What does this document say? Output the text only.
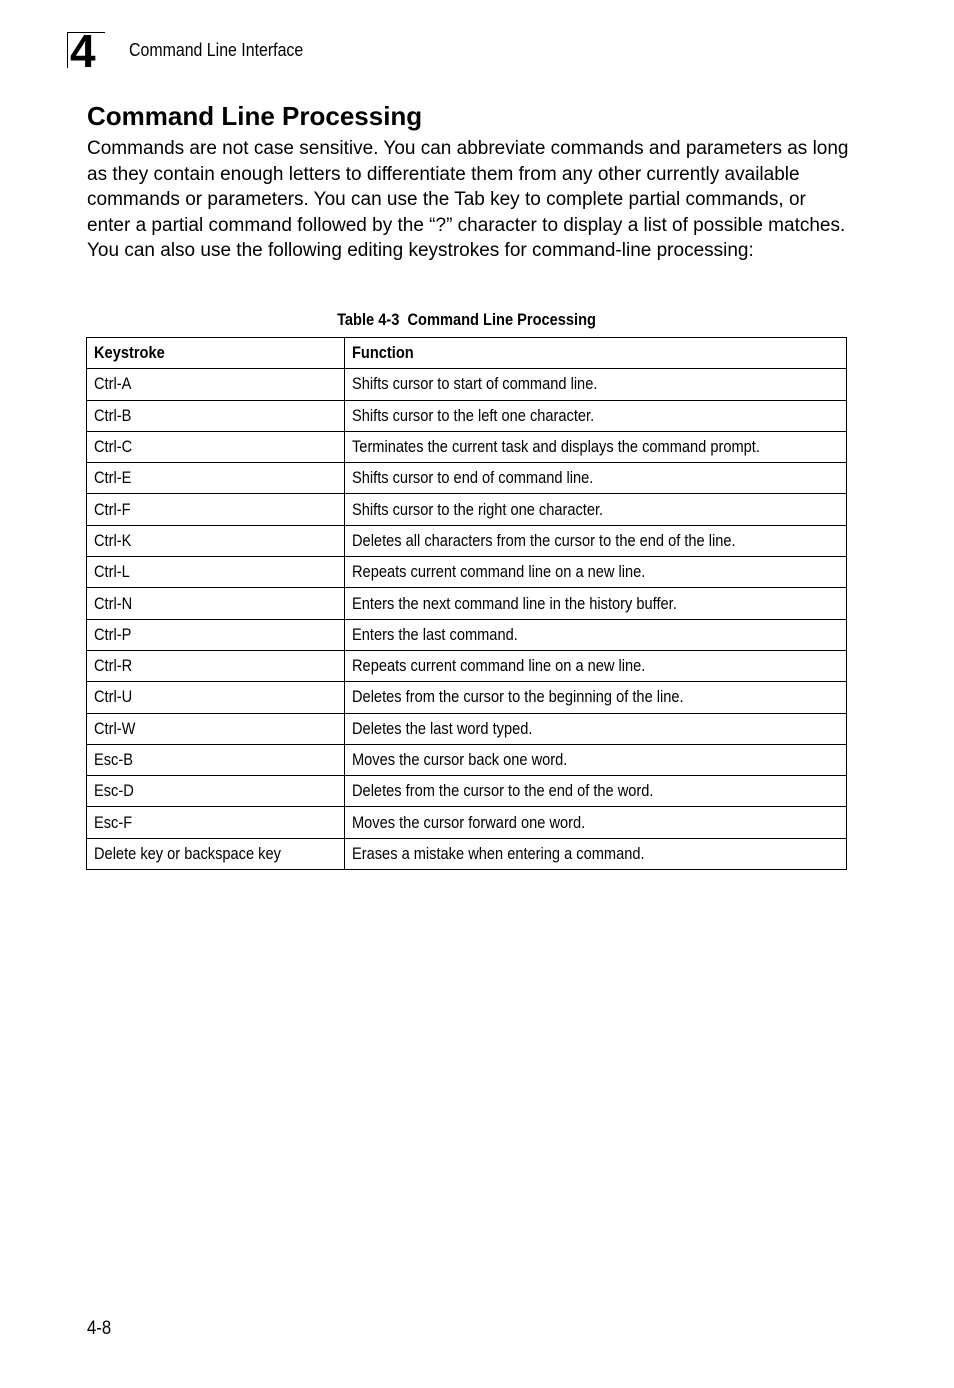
4 Command Line Interface
Command Line Processing

Commands are not case sensitive. You can abbreviate commands and parameters as long as they contain enough letters to differentiate them from any other currently available commands or parameters. You can use the Tab key to complete partial commands, or enter a partial command followed by the “?” character to display a list of possible matches. You can also use the following editing keystrokes for command-line processing:

Table 4-3  Command Line Processing
Keystroke	Function
Ctrl-A	Shifts cursor to start of command line.
Ctrl-B	Shifts cursor to the left one character.
Ctrl-C	Terminates the current task and displays the command prompt.
Ctrl-E	Shifts cursor to end of command line.
Ctrl-F	Shifts cursor to the right one character.
Ctrl-K	Deletes all characters from the cursor to the end of the line.
Ctrl-L	Repeats current command line on a new line.
Ctrl-N	Enters the next command line in the history buffer.
Ctrl-P	Enters the last command.
Ctrl-R	Repeats current command line on a new line.
Ctrl-U	Deletes from the cursor to the beginning of the line.
Ctrl-W	Deletes the last word typed.
Esc-B	Moves the cursor back one word.
Esc-D	Deletes from the cursor to the end of the word.
Esc-F	Moves the cursor forward one word.
Delete key or backspace key	Erases a mistake when entering a command.
4-8
